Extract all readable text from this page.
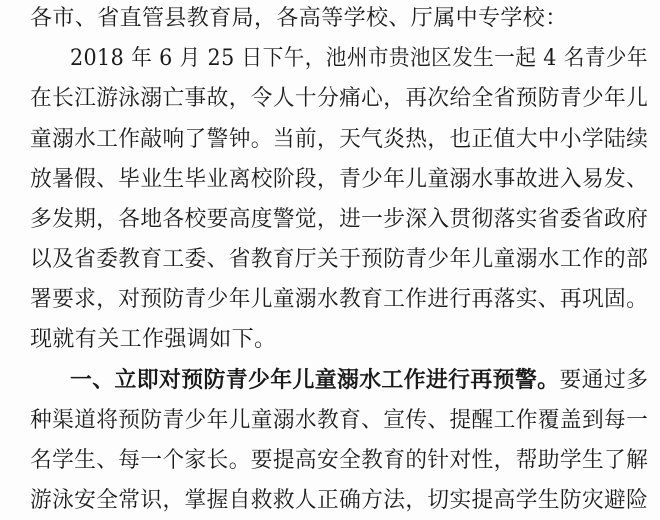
各市、省直管县教育局，各高等学校、厅属中专学校：
2018 年 6 月 25 日下午，池州市贵池区发生一起 4 名青少年
在长江游泳溺亡事故，令人十分痛心，再次给全省预防青少年儿
童溺水工作敲响了警钟。当前，天气炎热，也正值大中小学陆续
放暑假、毕业生毕业离校阶段，青少年儿童溺水事故进入易发、
多发期，各地各校要高度警觉，进一步深入贯彻落实省委省政府
以及省委教育工委、省教育厅关于预防青少年儿童溺水工作的部
署要求，对预防青少年儿童溺水教育工作进行再落实、再巩固。
现就有关工作强调如下。
一、立即对预防青少年儿童溺水工作进行再预警。要通过多
种渠道将预防青少年儿童溺水教育、宣传、提醒工作覆盖到每一
名学生、每一个家长。要提高安全教育的针对性，帮助学生了解
游泳安全常识，掌握自救救人正确方法，切实提高学生防灾避险
